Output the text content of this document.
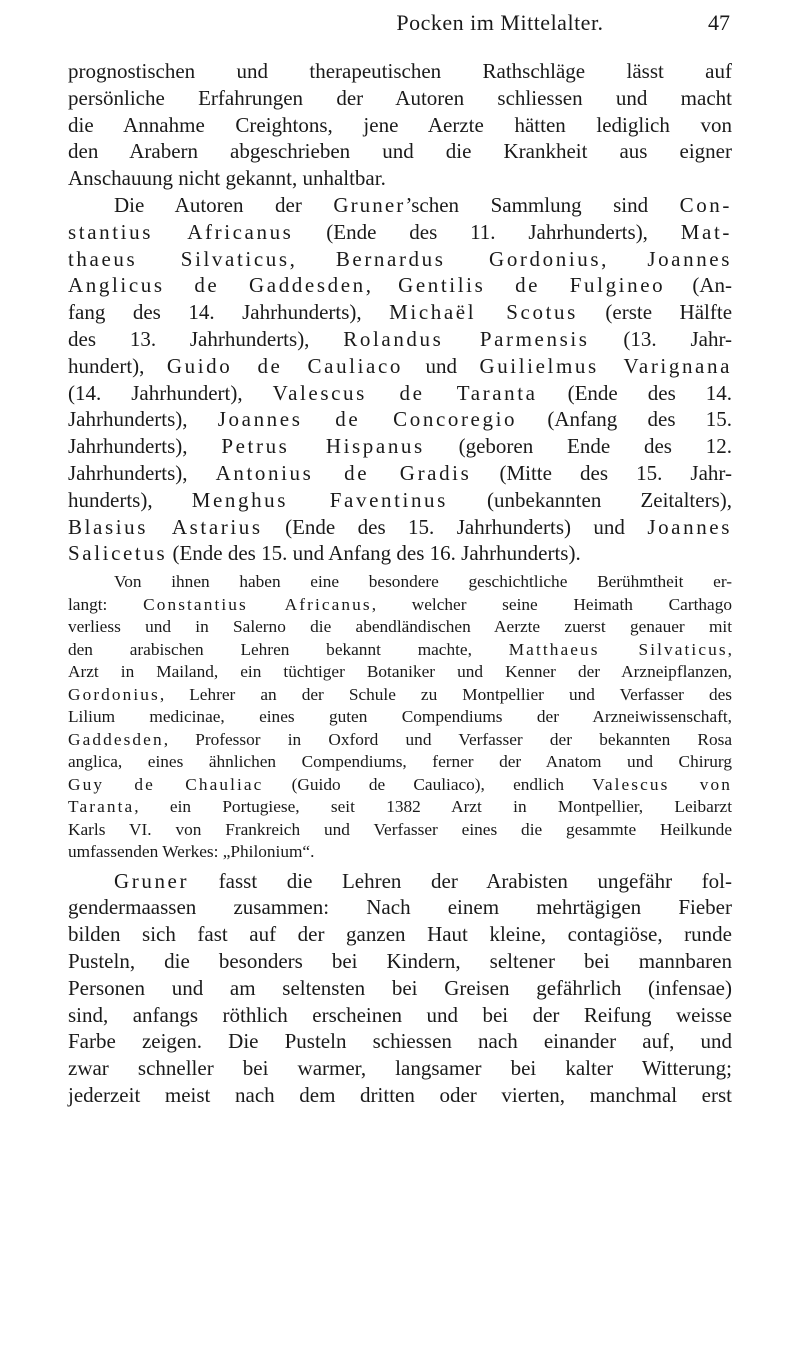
Pocken im Mittelalter.	47

prognostischen und therapeutischen Rathschläge lässt auf

persönliche Erfahrungen der Autoren schliessen und macht

die Annahme Creightons, jene Aerzte hätten lediglich von

den Arabern abgeschrieben und die Krankheit aus eigner

Anschauung nicht gekannt, unhaltbar.

Die Autoren der Gruner’schen Sammlung sind Con-

stantius Africanus (Ende des 11. Jahrhunderts), Mat-

thaeus Silvaticus, Bernardus Gordonius, Joannes

Anglicus de Gaddesden, Gentilis de Fulgineo (An-

fang des 14. Jahrhunderts), Michaël Scotus (erste Hälfte

des 13. Jahrhunderts), Rolandus Parmensis (13. Jahr-

hundert), Guido de Cauliaco und Guilielmus Varignana

(14. Jahrhundert), Valescus de Taranta (Ende des 14.

Jahrhunderts), Joannes de Concoregio (Anfang des 15.

Jahrhunderts), Petrus Hispanus (geboren Ende des 12.

Jahrhunderts), Antonius de Gradis (Mitte des 15. Jahr-

hunderts), Menghus Faventinus (unbekannten Zeitalters),

Blasius Astarius (Ende des 15. Jahrhunderts) und Joannes

Salicetus (Ende des 15. und Anfang des 16. Jahrhunderts).

Von ihnen haben eine besondere geschichtliche Berühmtheit er-

langt: Constantius Africanus, welcher seine Heimath Carthago

verliess und in Salerno die abendländischen Aerzte zuerst genauer mit

den arabischen Lehren bekannt machte, Matthaeus Silvaticus,

Arzt in Mailand, ein tüchtiger Botaniker und Kenner der Arzneipflanzen,

Gordonius, Lehrer an der Schule zu Montpellier und Verfasser des

Lilium medicinae, eines guten Compendiums der Arzneiwissenschaft,

Gaddesden, Professor in Oxford und Verfasser der bekannten Rosa

anglica, eines ähnlichen Compendiums, ferner der Anatom und Chirurg

Guy de Chauliac (Guido de Cauliaco), endlich Valescus von

Taranta, ein Portugiese, seit 1382 Arzt in Montpellier, Leibarzt

Karls VI. von Frankreich und Verfasser eines die gesammte Heilkunde

umfassenden Werkes: „Philonium“.

Gruner fasst die Lehren der Arabisten ungefähr fol-

gendermaassen zusammen: Nach einem mehrtägigen Fieber

bilden sich fast auf der ganzen Haut kleine, contagiöse, runde

Pusteln, die besonders bei Kindern, seltener bei mannbaren

Personen und am seltensten bei Greisen gefährlich (infensae)

sind, anfangs röthlich erscheinen und bei der Reifung weisse

Farbe zeigen. Die Pusteln schiessen nach einander auf, und

zwar schneller bei warmer, langsamer bei kalter Witterung;

jederzeit meist nach dem dritten oder vierten, manchmal erst
